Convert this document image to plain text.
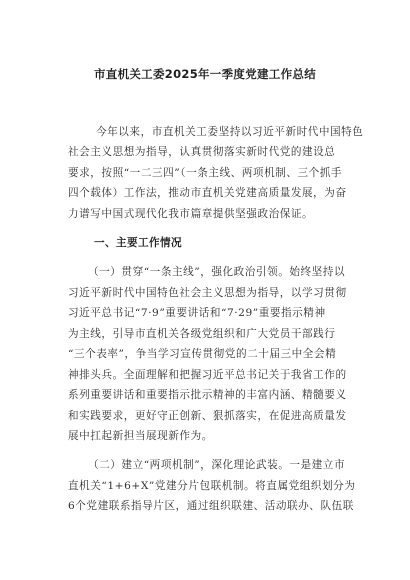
市直机关工委2025年一季度党建工作总结
今年以来，市直机关工委坚持以习近平新时代中国特色
社会主义思想为指导，认真贯彻落实新时代党的建设总
要求，按照“一二三四”（一条主线、两项机制、三个抓手
四个载体）工作法，推动市直机关党建高质量发展，为奋
力谱写中国式现代化我市篇章提供坚强政治保证。
一、主要工作情况
（一）贯穿“一条主线”，强化政治引领。始终坚持以
习近平新时代中国特色社会主义思想为指导，以学习贯彻
习近平总书记“7·9”重要讲话和“7·29”重要指示精神
为主线，引导市直机关各级党组织和广大党员干部践行
“三个表率”，争当学习宣传贯彻党的二十届三中全会精
神排头兵。全面理解和把握习近平总书记关于我省工作的
系列重要讲话和重要指示批示精神的丰富内涵、精髓要义
和实践要求，更好守正创新、狠抓落实，在促进高质量发
展中扛起新担当展现新作为。
（二）建立“两项机制”，深化理论武装。一是建立市
直机关“1+6+X”党建分片包联机制。将直属党组织划分为
6个党建联系指导片区，通过组织联建、活动联办、队伍联
